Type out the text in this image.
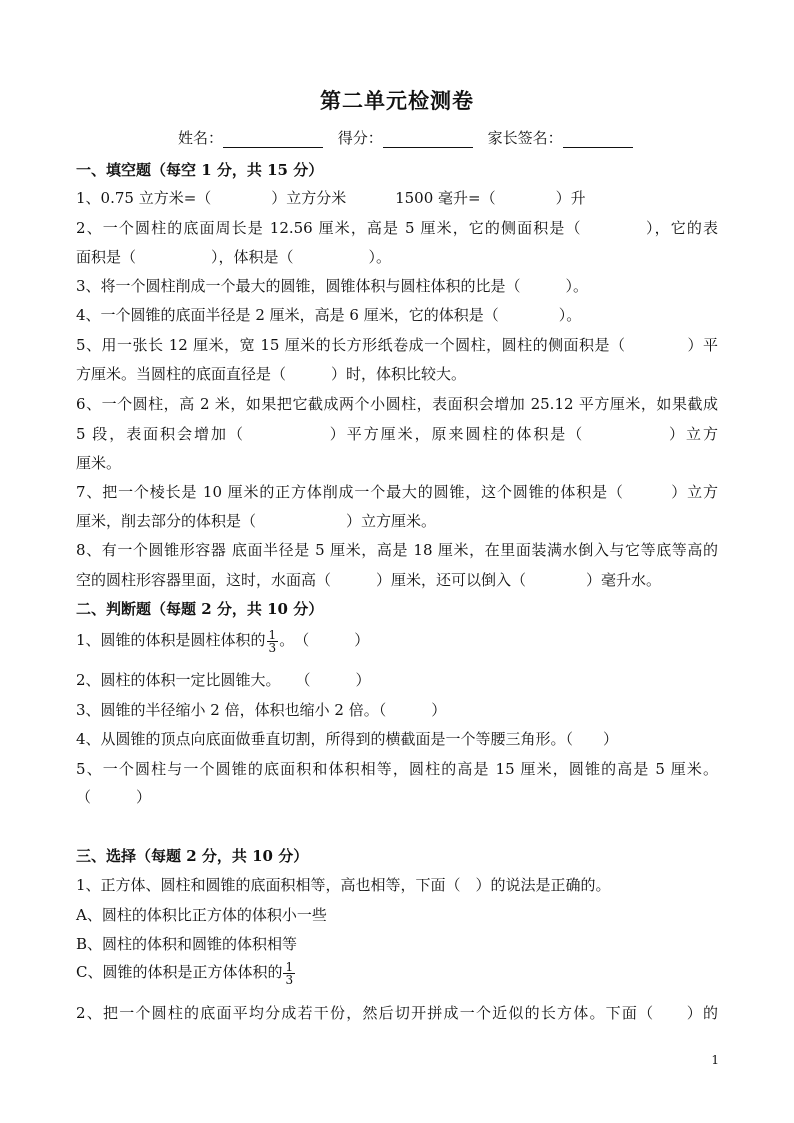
第二单元检测卷
姓名：	得分：	家长签名：
一、填空题（每空 1 分，共 15 分）
1、0.75 立方米=（　　　　）立方分米	1500 毫升=（　　　　）升
2、一个圆柱的底面周长是 12.56 厘米，高是 5 厘米，它的侧面积是（　　　　），它的表
面积是（　　　　　），体积是（　　　　　）。
3、将一个圆柱削成一个最大的圆锥，圆锥体积与圆柱体积的比是（　　　）。
4、一个圆锥的底面半径是 2 厘米，高是 6 厘米，它的体积是（　　　　）。
5、用一张长 12 厘米，宽 15 厘米的长方形纸卷成一个圆柱，圆柱的侧面积是（　　　　）平
方厘米。当圆柱的底面直径是（　　　）时，体积比较大。
6、一个圆柱，高 2 米，如果把它截成两个小圆柱，表面积会增加 25.12 平方厘米，如果截成
5 段，表面积会增加（　　　　　）平方厘米，原来圆柱的体积是（　　　　　）立方
厘米。
7、把一个棱长是 10 厘米的正方体削成一个最大的圆锥，这个圆锥的体积是（　　　）立方
厘米，削去部分的体积是（　　　　　　）立方厘米。
8、有一个圆锥形容器 底面半径是 5 厘米，高是 18 厘米，在里面装满水倒入与它等底等高的
空的圆柱形容器里面，这时，水面高（　　　）厘米，还可以倒入（　　　　）毫升水。
二、判断题（每题 2 分，共 10 分）
1、圆锥的体积是圆柱体积的 $\frac{1}{3}$ 。　（　　　）
2、圆柱的体积一定比圆锥大。　　（　　　）
3、圆锥的半径缩小 2 倍，体积也缩小 2 倍。（　　　）
4、从圆锥的顶点向底面做垂直切割，所得到的横截面是一个等腰三角形。（　　）
5、一个圆柱与一个圆锥的底面积和体积相等，圆柱的高是 15 厘米，圆锥的高是 5 厘米。
（　　　）
三、选择（每题 2 分，共 10 分）
1、正方体、圆柱和圆锥的底面积相等，高也相等，下面（　）的说法是正确的。
A、圆柱的体积比正方体的体积小一些
B、圆柱的体积和圆锥的体积相等
C、圆锥的体积是正方体体积的 $\frac{1}{3}$
2、把一个圆柱的底面平均分成若干份，然后切开拼成一个近似的长方体。下面（　　）的
1
